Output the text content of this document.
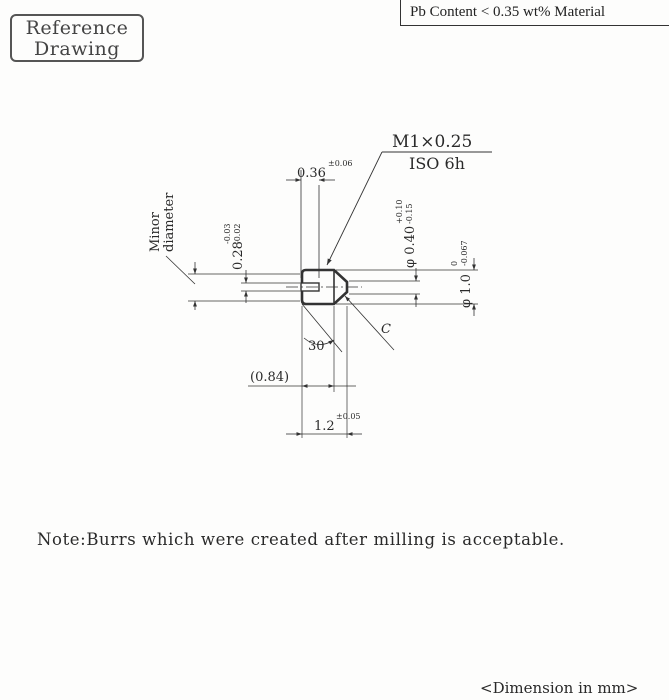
Reference
Drawing
Pb Content < 0.35 wt% Material
M1×0.25
ISO 6h
0.36
±0.06
Minor diameter
0.28
-0.03 -0.02	φ 0.40
+0.10 -0.15
φ 1.0
0 -0.067
C
30
(0.84)
1.2
±0.05
Note:Burrs which were created after milling is acceptable.
<Dimension in mm>
